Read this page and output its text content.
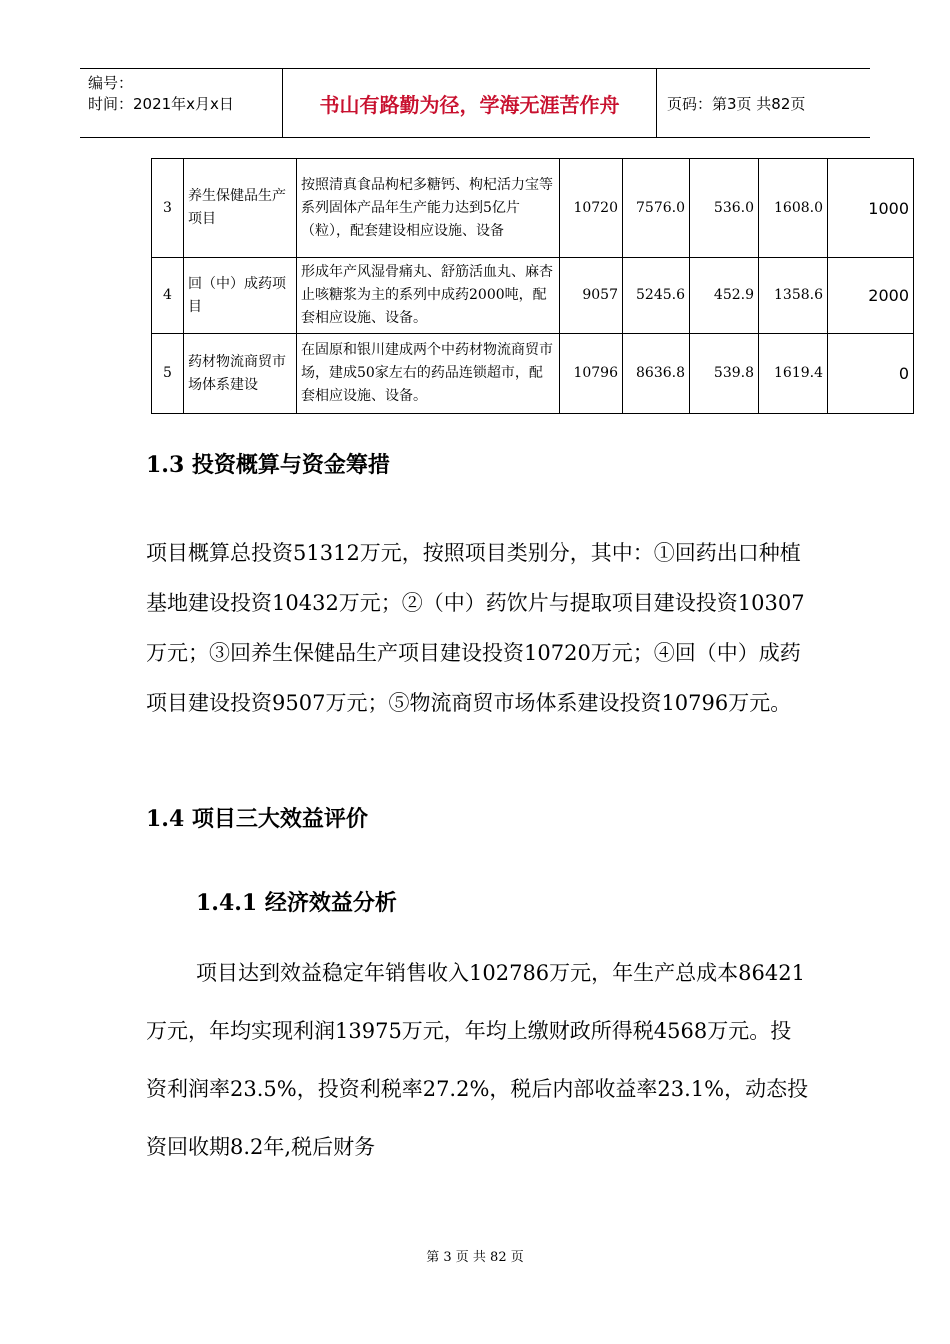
编号：
时间：2021年x月x日	书山有路勤为径，学海无涯苦作舟	页码：第3页 共82页
3	养生保健品生产项目	按照清真食品枸杞多糖钙、枸杞活力宝等系列固体产品年生产能力达到5亿片（粒），配套建设相应设施、设备	10720	7576.0	536.0	1608.0	1000
4	回（中）成药项目	形成年产风湿骨痛丸、舒筋活血丸、麻杏止咳糖浆为主的系列中成药2000吨，配套相应设施、设备。	9057	5245.6	452.9	1358.6	2000
5	药材物流商贸市场体系建设	在固原和银川建成两个中药材物流商贸市场，建成50家左右的药品连锁超市，配套相应设施、设备。	10796	8636.8	539.8	1619.4	0
1.3 投资概算与资金筹措
项目概算总投资51312万元，按照项目类别分，其中：①回药出口种植基地建设投资10432万元；②（中）药饮片与提取项目建设投资10307万元；③回养生保健品生产项目建设投资10720万元；④回（中）成药项目建设投资9507万元；⑤物流商贸市场体系建设投资10796万元。
1.4 项目三大效益评价
1.4.1 经济效益分析
项目达到效益稳定年销售收入102786万元，年生产总成本86421万元，年均实现利润13975万元，年均上缴财政所得税4568万元。投资利润率23.5%，投资利税率27.2%，税后内部收益率23.1%，动态投资回收期8.2年,税后财务
第 3 页 共 82 页
